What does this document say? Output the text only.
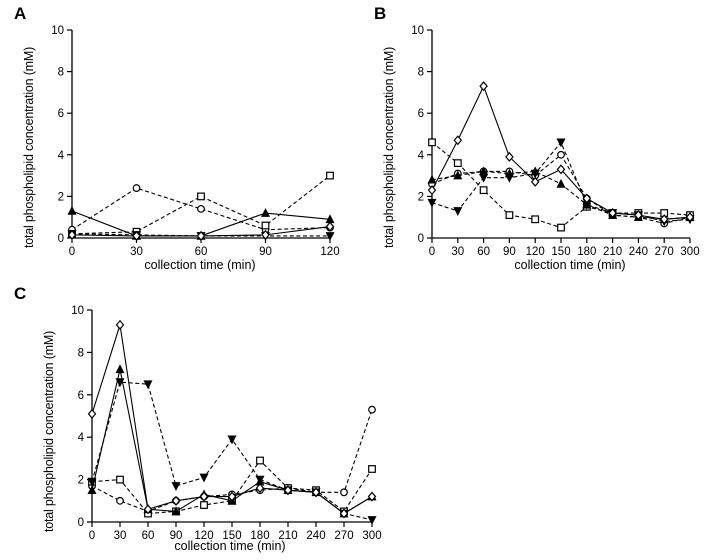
A
total phospholipid concentration (mM)
collection time (min)
0
2
4
6
8
10
0	30	60	90	120
B
total phospholipid concentration (mM)
collection time (min)
0
2
4
6
8
10
0 30 60 90 120 150 180 210 240 270 300
C
total phospholipid concentration (mM)
collection time (min)
0
2
4
6
8
10
0 30 60 90 120 150 180 210 240 270 300
